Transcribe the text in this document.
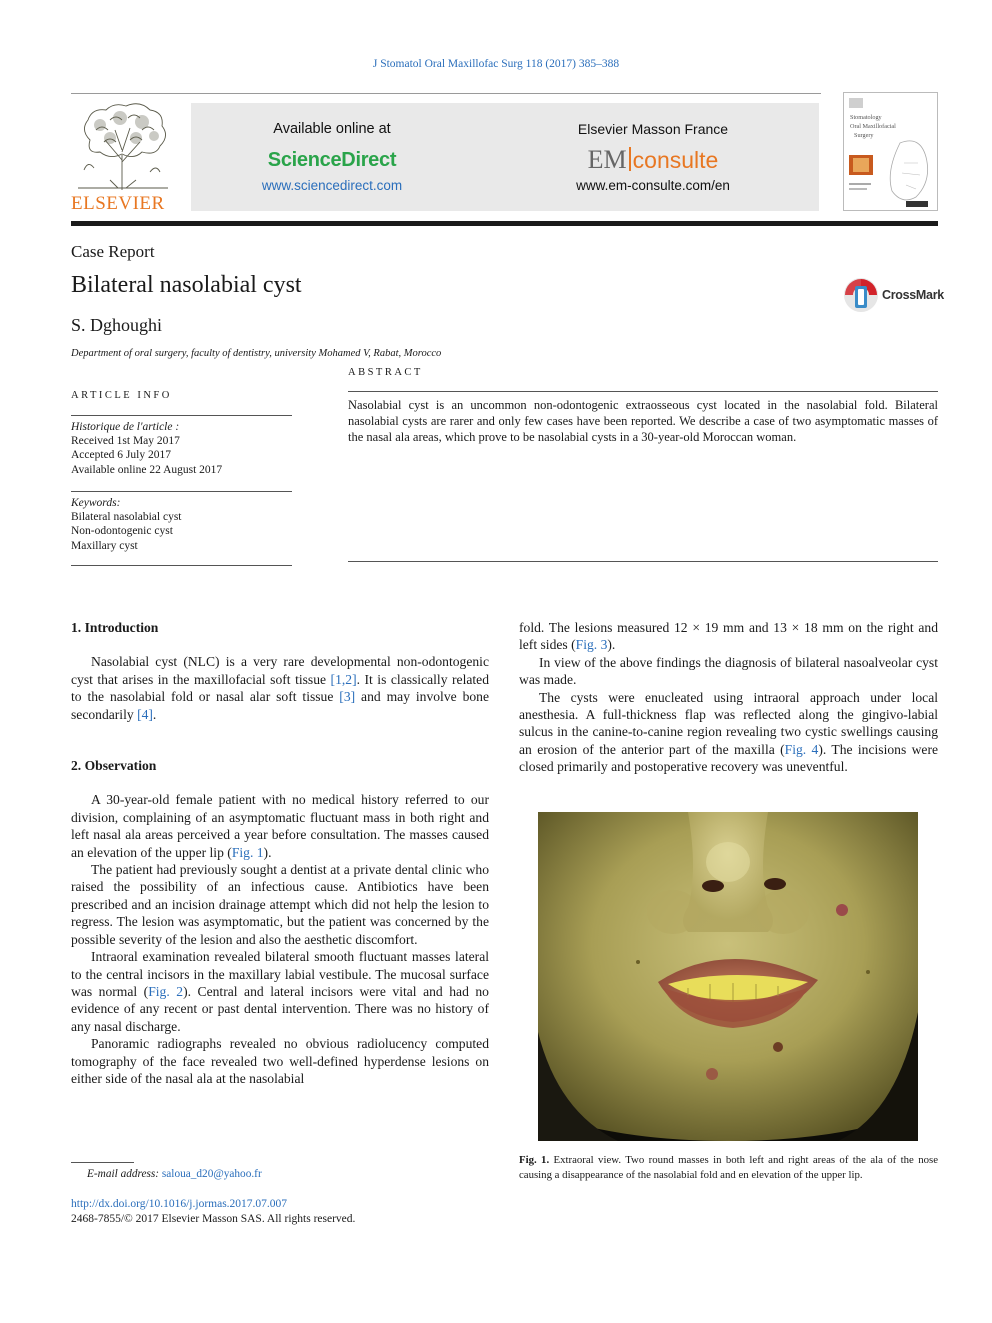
J Stomatol Oral Maxillofac Surg 118 (2017) 385–388
ELSEVIER
Available online at
ScienceDirect
www.sciencedirect.com
Elsevier Masson France
EM consulte
www.em-consulte.com/en
Stomatology
Oral Maxillofacial
Surgery
Case Report
Bilateral nasolabial cyst
S. Dghoughi
CrossMark
Department of oral surgery, faculty of dentistry, university Mohamed V, Rabat, Morocco
ARTICLE INFO
ABSTRACT
Historique de l'article :
Received 1st May 2017
Accepted 6 July 2017
Available online 22 August 2017
Keywords:
Bilateral nasolabial cyst
Non-odontogenic cyst
Maxillary cyst
Nasolabial cyst is an uncommon non-odontogenic extraosseous cyst located in the nasolabial fold. Bilateral nasolabial cysts are rarer and only few cases have been reported. We describe a case of two asymptomatic masses of the nasal ala areas, which prove to be nasolabial cysts in a 30-year-old Moroccan woman.
1. Introduction

Nasolabial cyst (NLC) is a very rare developmental non-odontogenic cyst that arises in the maxillofacial soft tissue [1,2]. It is classically related to the nasolabial fold or nasal alar soft tissue [3] and may involve bone secondarily [4].

2. Observation

A 30-year-old female patient with no medical history referred to our division, complaining of an asymptomatic fluctuant mass in both right and left nasal ala areas perceived a year before consultation. The masses caused an elevation of the upper lip (Fig. 1).

The patient had previously sought a dentist at a private dental clinic who raised the possibility of an infectious cause. Antibiotics have been prescribed and an incision drainage attempt which did not help the lesion to regress. The lesion was asymptomatic, but the patient was concerned by the possible severity of the lesion and also the aesthetic discomfort.

Intraoral examination revealed bilateral smooth fluctuant masses lateral to the central incisors in the maxillary labial vestibule. The mucosal surface was normal (Fig. 2). Central and lateral incisors were vital and had no evidence of any recent or past dental intervention. There was no history of any nasal discharge.

Panoramic radiographs revealed no obvious radiolucency computed tomography of the face revealed two well-defined hyperdense lesions on either side of the nasal ala at the nasolabial

fold. The lesions measured 12 × 19 mm and 13 × 18 mm on the right and left sides (Fig. 3).

In view of the above findings the diagnosis of bilateral nasoalveolar cyst was made.

The cysts were enucleated using intraoral approach under local anesthesia. A full-thickness flap was reflected along the gingivo-labial sulcus in the canine-to-canine region revealing two cystic swellings causing an erosion of the anterior part of the maxilla (Fig. 4). The incisions were closed primarily and postoperative recovery was uneventful.

Fig. 1. Extraoral view. Two round masses in both left and right areas of the ala of the nose causing a disappearance of the nasolabial fold and en elevation of the upper lip.
E-mail address: saloua_d20@yahoo.fr
http://dx.doi.org/10.1016/j.jormas.2017.07.007
2468-7855/© 2017 Elsevier Masson SAS. All rights reserved.
